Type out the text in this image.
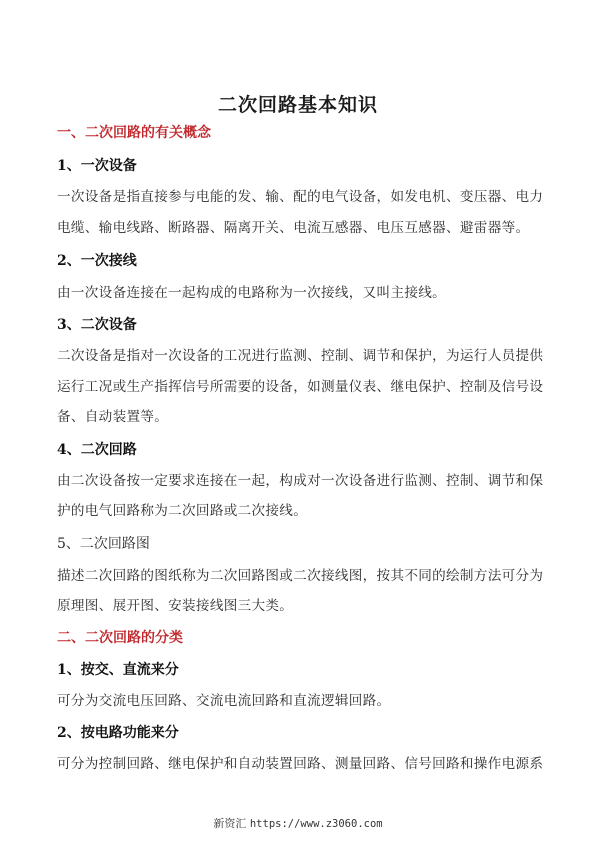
二次回路基本知识
一、二次回路的有关概念
1、一次设备
一次设备是指直接参与电能的发、输、配的电气设备，如发电机、变压器、电力
电缆、输电线路、断路器、隔离开关、电流互感器、电压互感器、避雷器等。
2、一次接线
由一次设备连接在一起构成的电路称为一次接线，又叫主接线。
3、二次设备
二次设备是指对一次设备的工况进行监测、控制、调节和保护，为运行人员提供
运行工况或生产指挥信号所需要的设备，如测量仪表、继电保护、控制及信号设
备、自动装置等。
4、二次回路
由二次设备按一定要求连接在一起，构成对一次设备进行监测、控制、调节和保
护的电气回路称为二次回路或二次接线。
5、二次回路图
描述二次回路的图纸称为二次回路图或二次接线图，按其不同的绘制方法可分为
原理图、展开图、安装接线图三大类。
二、二次回路的分类
1、按交、直流来分
可分为交流电压回路、交流电流回路和直流逻辑回路。
2、按电路功能来分
可分为控制回路、继电保护和自动装置回路、测量回路、信号回路和操作电源系
新资汇 https://www.z3060.com
